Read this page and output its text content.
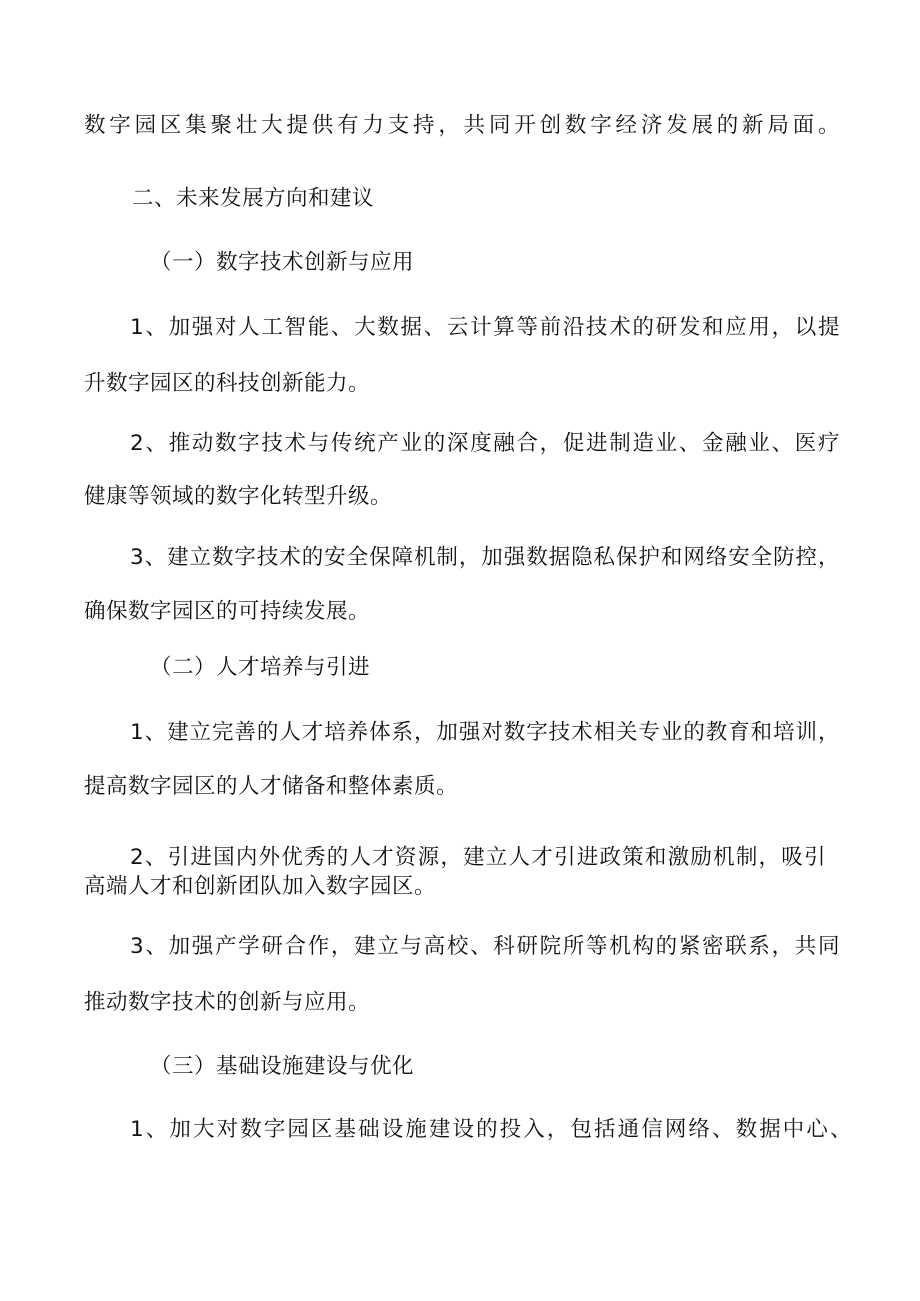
数字园区集聚壮大提供有力支持，共同开创数字经济发展的新局面。
二、未来发展方向和建议
（一）数字技术创新与应用
1、加强对人工智能、大数据、云计算等前沿技术的研发和应用，以提
升数字园区的科技创新能力。
2、推动数字技术与传统产业的深度融合，促进制造业、金融业、医疗
健康等领域的数字化转型升级。
3、建立数字技术的安全保障机制，加强数据隐私保护和网络安全防控，
确保数字园区的可持续发展。
（二）人才培养与引进
1、建立完善的人才培养体系，加强对数字技术相关专业的教育和培训，
提高数字园区的人才储备和整体素质。
2、引进国内外优秀的人才资源，建立人才引进政策和激励机制，吸引
高端人才和创新团队加入数字园区。
3、加强产学研合作，建立与高校、科研院所等机构的紧密联系，共同
推动数字技术的创新与应用。
（三）基础设施建设与优化
1、加大对数字园区基础设施建设的投入，包括通信网络、数据中心、
